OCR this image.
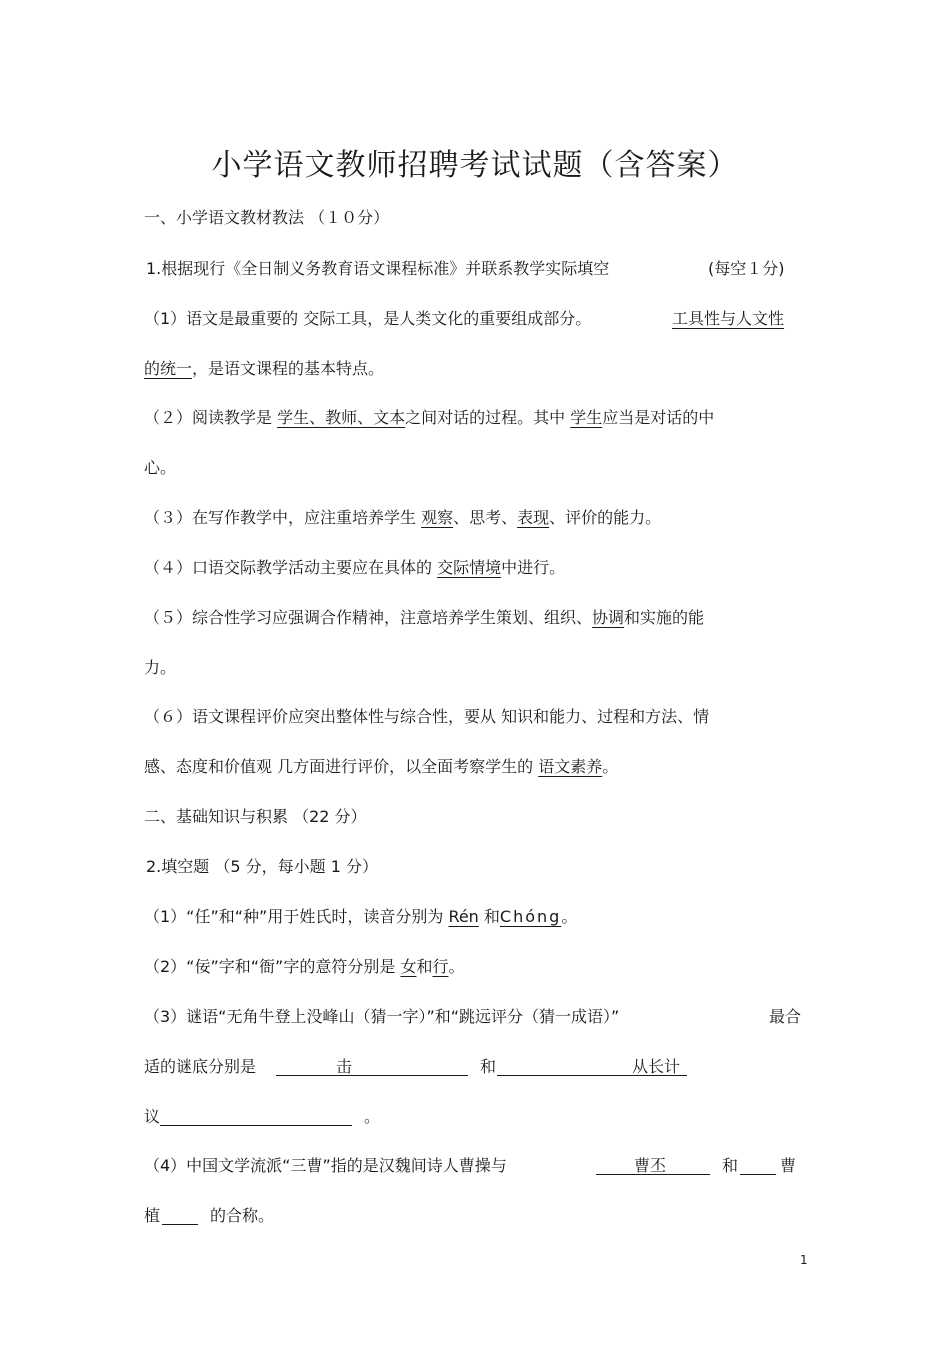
小学语文教师招聘考试试题（含答案）
一、小学语文教材教法 （１０分）
1.根据现行《全日制义务教育语文课程标准》并联系教学实际填空	(每空１分)
（1）语文是最重要的 交际工具，是人类文化的重要组成部分。	工具性与人文性
的统一，是语文课程的基本特点。
（２）阅读教学是 学生、教师、文本之间对话的过程。其中 学生应当是对话的中
心。
（３）在写作教学中，应注重培养学生 观察、思考、表现、评价的能力。
（４）口语交际教学活动主要应在具体的 交际情境中进行。
（５）综合性学习应强调合作精神，注意培养学生策划、组织、协调和实施的能
力。
（６）语文课程评价应突出整体性与综合性，要从 知识和能力、过程和方法、情
感、态度和价值观 几方面进行评价，以全面考察学生的 语文素养。
二、基础知识与积累 （22 分）
2.填空题 （5 分，每小题 1 分）
（1）“任”和“种”用于姓氏时，读音分别为 Rén 和Chóng。
（2）“佞”字和“衙”字的意符分别是 女和行。
（3）谜语“无角牛登上没峰山（猜一字）”和“跳远评分（猜一成语）”	最合
适的谜底分别是	击	和	从长计
议	。
（4）中国文学流派“三曹”指的是汉魏间诗人曹操与	曹丕	和	曹
植	的合称。
1
